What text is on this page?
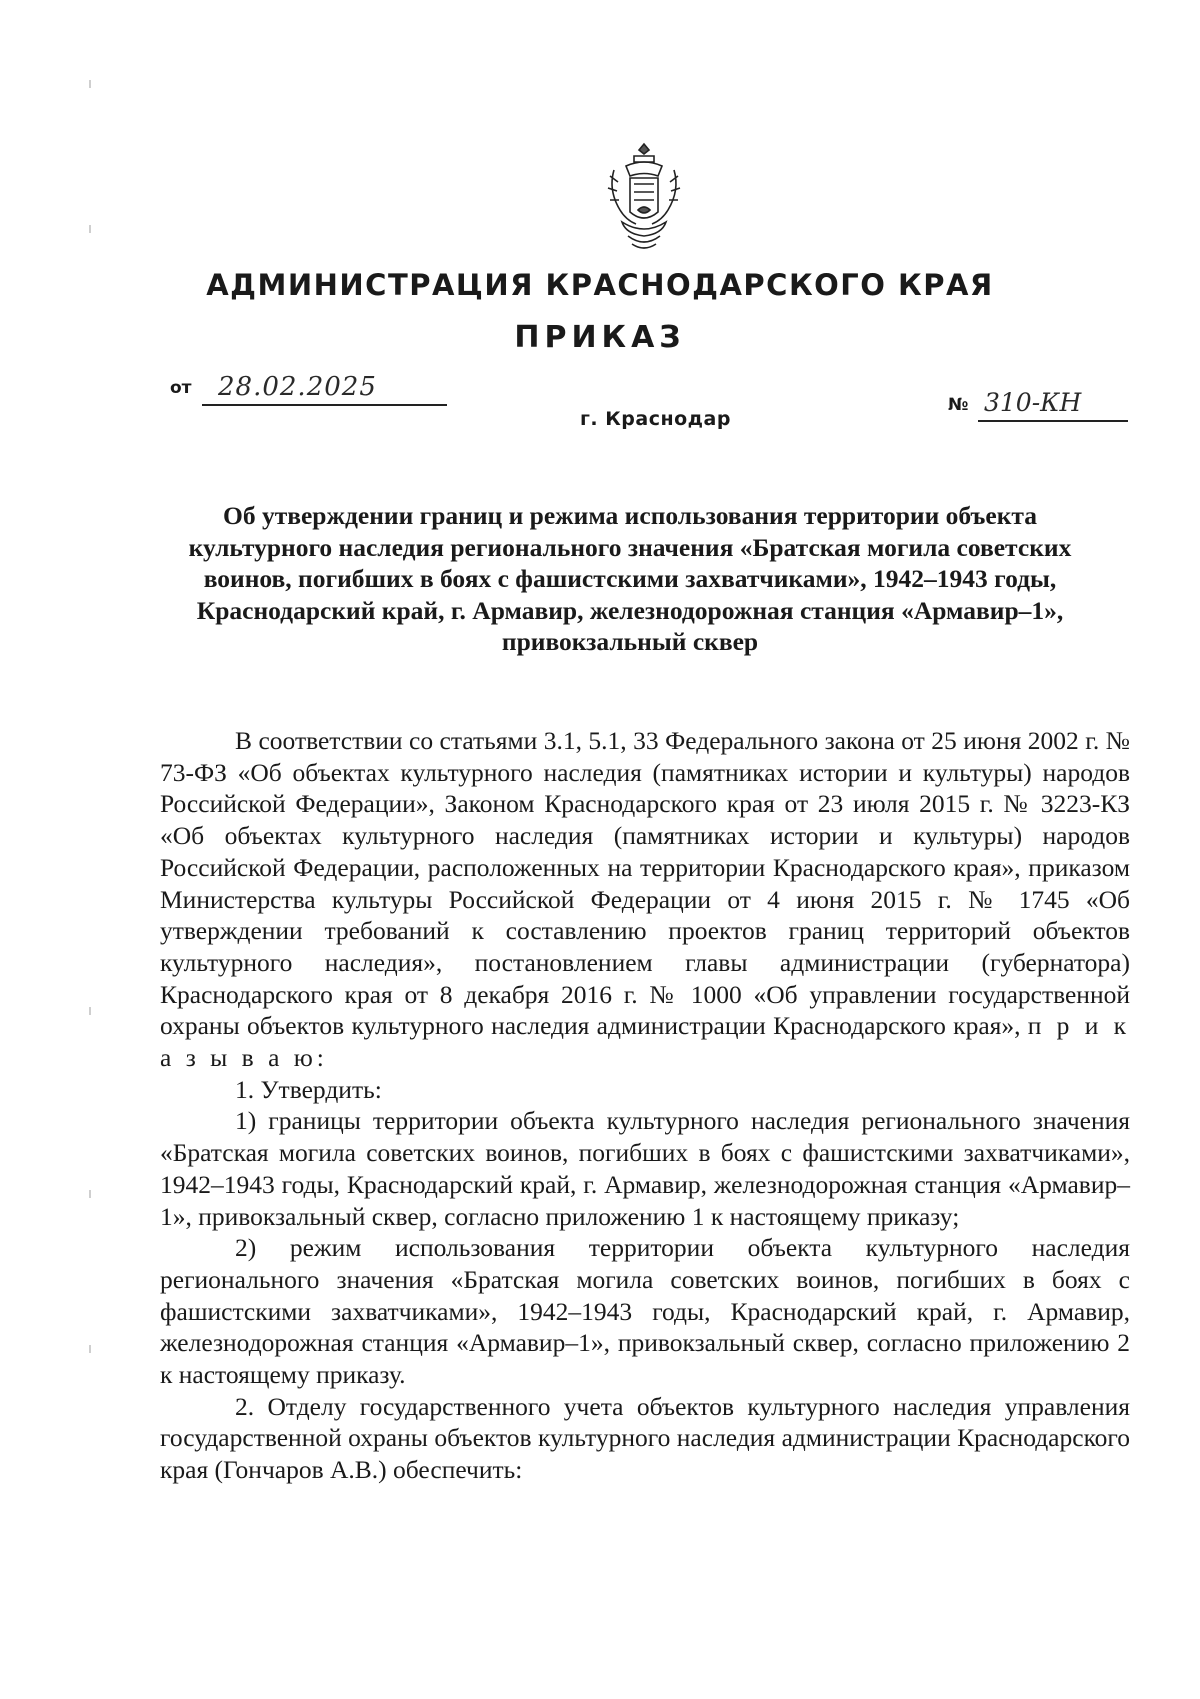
АДМИНИСТРАЦИЯ КРАСНОДАРСКОГО КРАЯ
ПРИКАЗ
от 28.02.2025
№ 310-КН
г. Краснодар
Об утверждении границ и режима использования территории объекта культурного наследия регионального значения «Братская могила советских воинов, погибших в боях с фашистскими захватчиками», 1942–1943 годы, Краснодарский край, г. Армавир, железнодорожная станция «Армавир–1», привокзальный сквер

В соответствии со статьями 3.1, 5.1, 33 Федерального закона от 25 июня 2002 г. № 73-ФЗ «Об объектах культурного наследия (памятниках истории и культуры) народов Российской Федерации», Законом Краснодарского края от 23 июля 2015 г. № 3223-КЗ «Об объектах культурного наследия (памятниках истории и культуры) народов Российской Федерации, расположенных на территории Краснодарского края», приказом Министерства культуры Российской Федерации от 4 июня 2015 г. № 1745 «Об утверждении требований к составлению проектов границ территорий объектов культурного наследия», постановлением главы администрации (губернатора) Краснодарского края от 8 декабря 2016 г. № 1000 «Об управлении государственной охраны объектов культурного наследия администрации Краснодарского края», п р и к а з ы в а ю:

1. Утвердить:

1) границы территории объекта культурного наследия регионального значения «Братская могила советских воинов, погибших в боях с фашистскими захватчиками», 1942–1943 годы, Краснодарский край, г. Армавир, железнодорожная станция «Армавир–1», привокзальный сквер, согласно приложению 1 к настоящему приказу;

2) режим использования территории объекта культурного наследия регионального значения «Братская могила советских воинов, погибших в боях с фашистскими захватчиками», 1942–1943 годы, Краснодарский край, г. Армавир, железнодорожная станция «Армавир–1», привокзальный сквер, согласно приложению 2 к настоящему приказу.

2. Отделу государственного учета объектов культурного наследия управления государственной охраны объектов культурного наследия администрации Краснодарского края (Гончаров А.В.) обеспечить:
